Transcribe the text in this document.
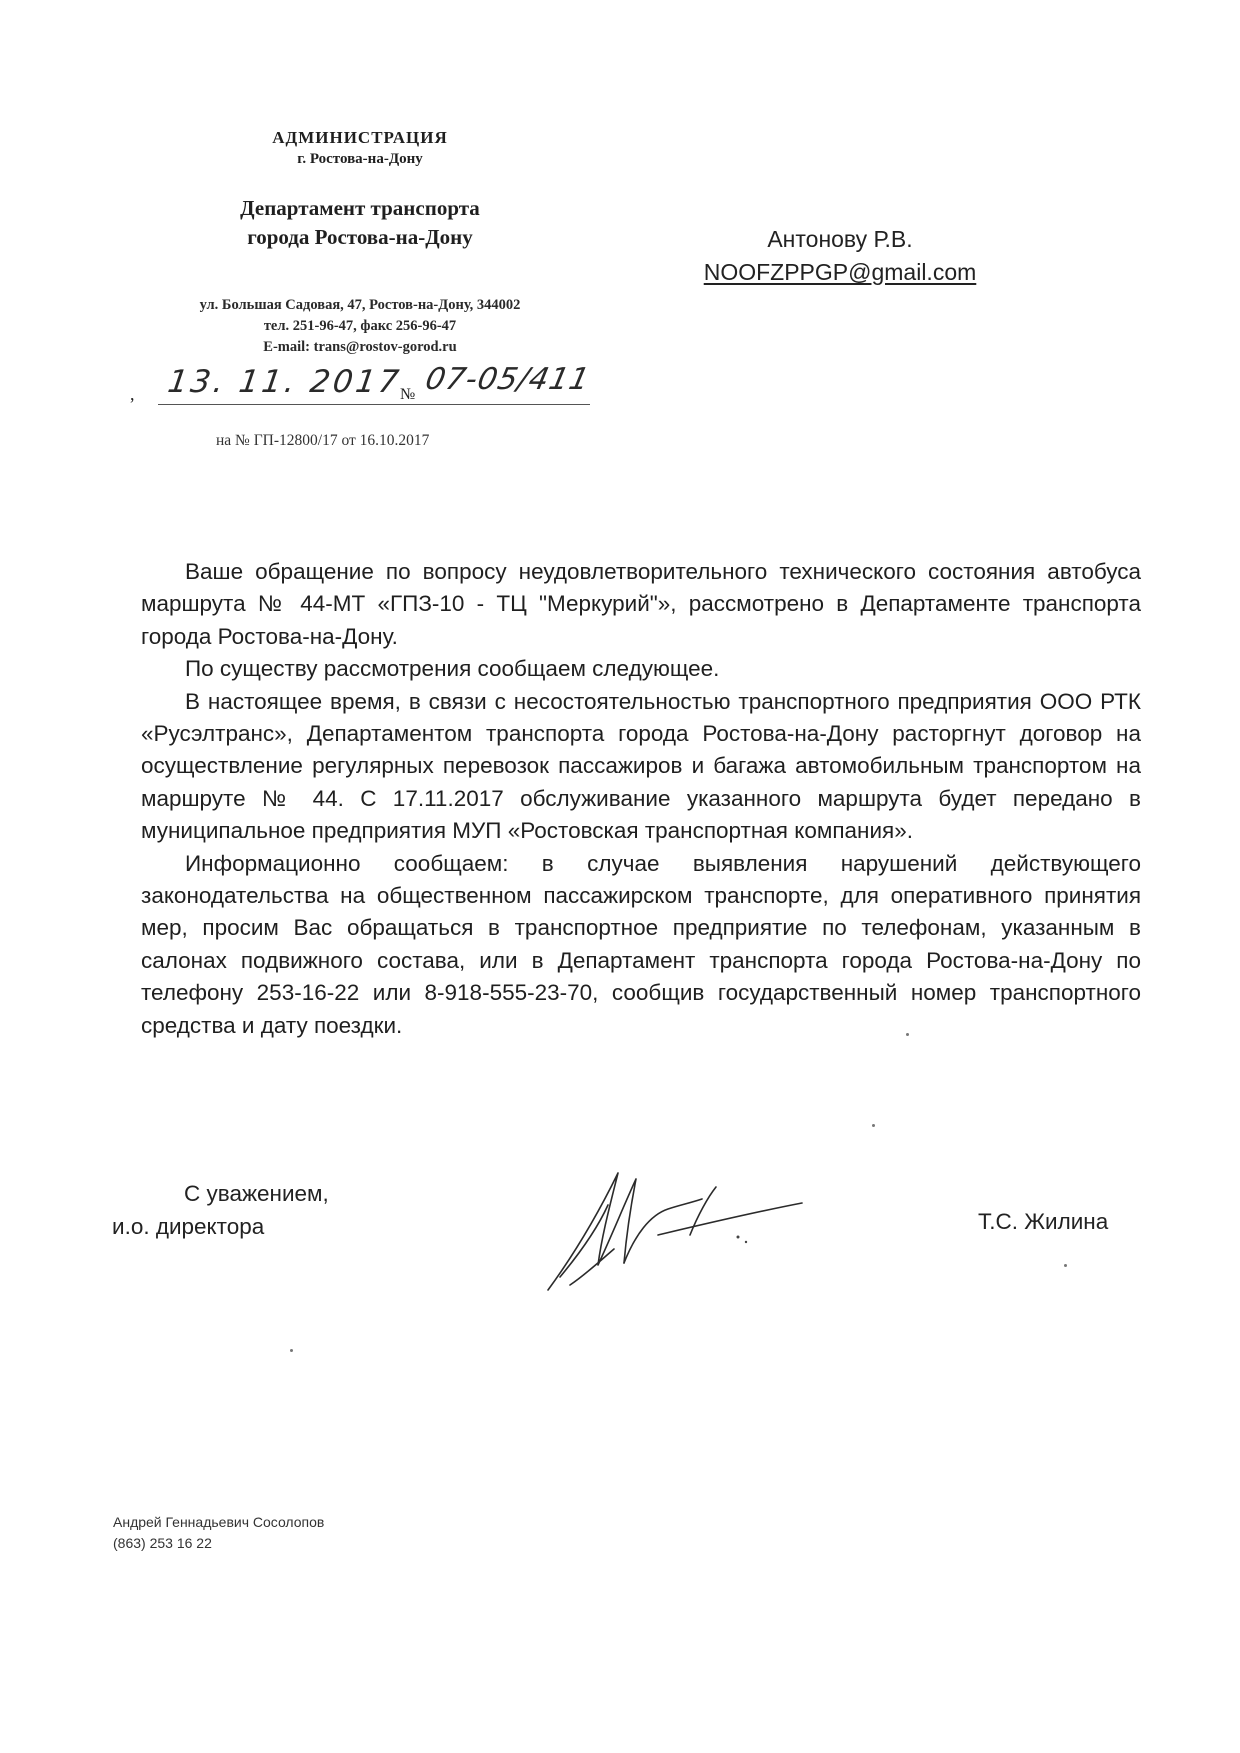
АДМИНИСТРАЦИЯ
г. Ростова-на-Дону
Департамент транспорта
города Ростова-на-Дону
ул. Большая Садовая, 47, Ростов-на-Дону, 344002
тел. 251-96-47, факс 256-96-47
E-mail: trans@rostov-gorod.ru
, 13. 11. 2017
№ 07-05/411
на № ГП-12800/17 от 16.10.2017
Антонову Р.В.
NOOFZPPGP@gmail.com

Ваше обращение по вопросу неудовлетворительного технического состояния автобуса маршрута № 44-МТ «ГПЗ-10 - ТЦ "Меркурий"», рассмотрено в Департаменте транспорта города Ростова-на-Дону.

По существу рассмотрения сообщаем следующее.

В настоящее время, в связи с несостоятельностью транспортного предприятия ООО РТК «Русэлтранс», Департаментом транспорта города Ростова-на-Дону расторгнут договор на осуществление регулярных перевозок пассажиров и багажа автомобильным транспортом на маршруте № 44. С 17.11.2017 обслуживание указанного маршрута будет передано в муниципальное предприятия МУП «Ростовская транспортная компания».

Информационно сообщаем: в случае выявления нарушений действующего законодательства на общественном пассажирском транспорте, для оперативного принятия мер, просим Вас обращаться в транспортное предприятие по телефонам, указанным в салонах подвижного состава, или в Департамент транспорта города Ростова-на-Дону по телефону 253-16-22 или 8-918-555-23-70, сообщив государственный номер транспортного средства и дату поездки.

С уважением,
и.о. директора	Т.С. Жилина
Андрей Геннадьевич Сосолопов
(863) 253 16 22
